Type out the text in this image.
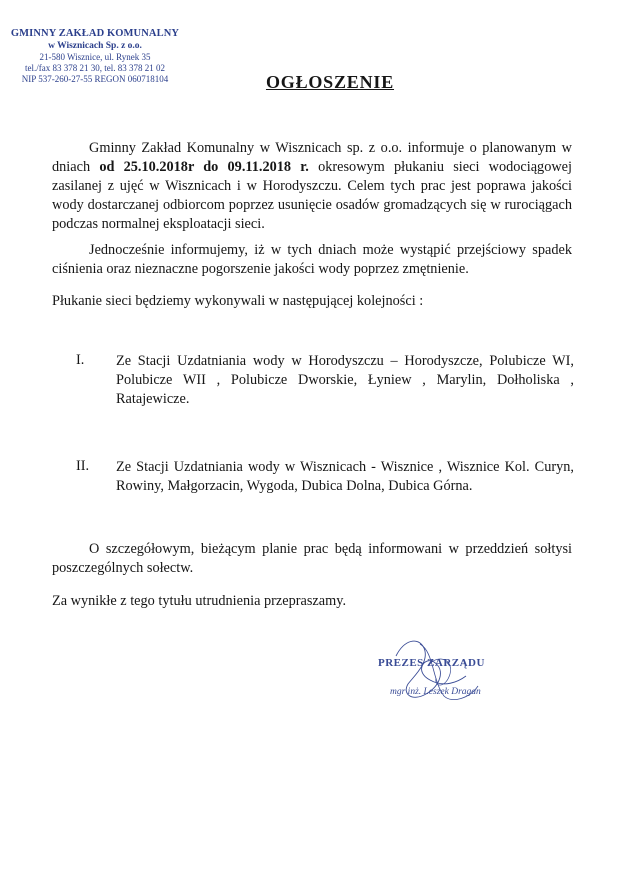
GMINNY ZAKŁAD KOMUNALNY
w Wisznicach Sp. z o.o.
21-580 Wisznice, ul. Rynek 35
tel./fax 83 378 21 30, tel. 83 378 21 02
NIP 537-260-27-55 REGON 060718104	OGŁOSZENIE
Gminny Zakład Komunalny w Wisznicach sp. z o.o. informuje o planowanym w dniach od 25.10.2018r do 09.11.2018 r. okresowym płukaniu sieci wodociągowej zasilanej z ujęć w Wisznicach i w Horodyszczu. Celem tych prac jest poprawa jakości wody dostarczanej odbiorcom poprzez usunięcie osadów gromadzących się w rurociągach podczas normalnej eksploatacji sieci.
Jednocześnie informujemy, iż w tych dniach może wystąpić przejściowy spadek ciśnienia oraz nieznaczne pogorszenie jakości wody poprzez zmętnienie.
Płukanie sieci będziemy wykonywali w następującej kolejności :
I. Ze Stacji Uzdatniania wody w Horodyszczu – Horodyszcze, Polubicze WI, Polubicze WII , Polubicze Dworskie, Łyniew , Marylin, Dołholiska , Ratajewicze.
II. Ze Stacji Uzdatniania wody w Wisznicach - Wisznice , Wisznice Kol. Curyn, Rowiny, Małgorzacin, Wygoda, Dubica Dolna, Dubica Górna.
O szczegółowym, bieżącym planie prac będą informowani w przeddzień sołtysi poszczególnych sołectw.
Za wynikłe z tego tytułu utrudnienia przepraszamy.
PREZES ZARZĄDU
mgr inż. Leszek Dragan
